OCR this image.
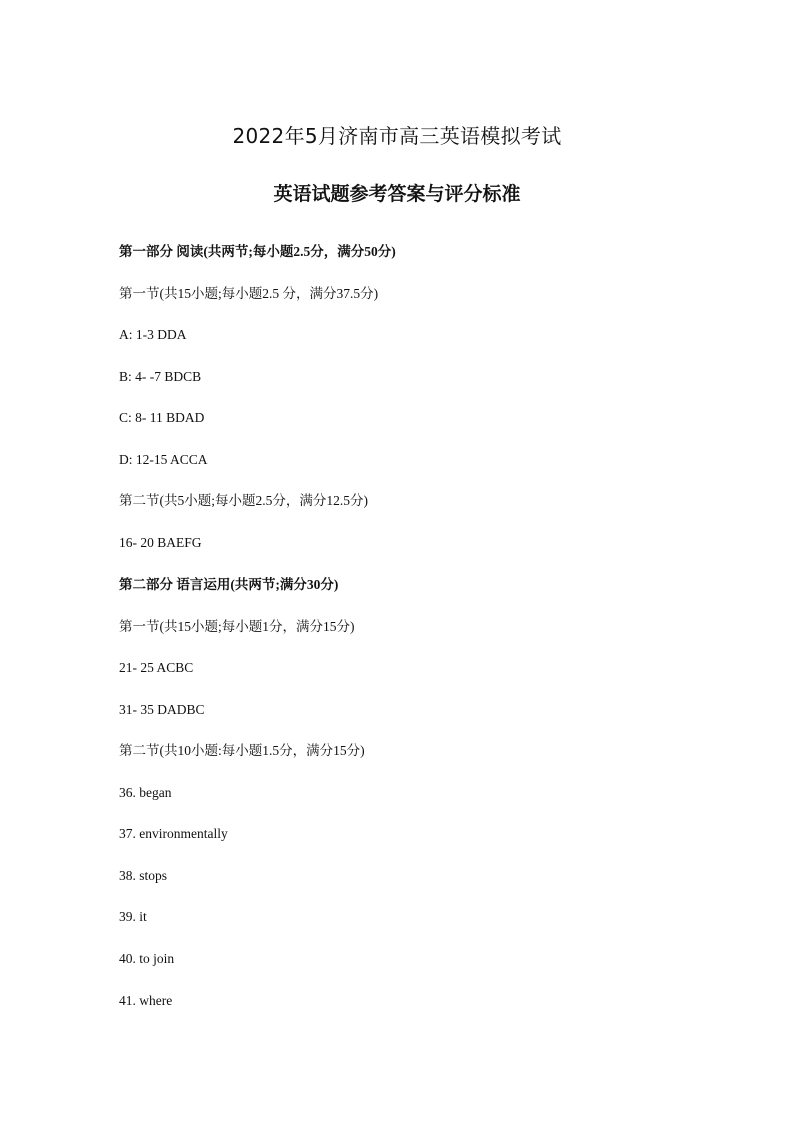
2022年5月济南市高三英语模拟考试
英语试题参考答案与评分标准
第一部分 阅读(共两节;每小题2.5分，满分50分)
第一节(共15小题;每小题2.5 分，满分37.5分)
A: 1-3 DDA
B: 4- -7 BDCB
C: 8- 11 BDAD
D: 12-15 ACCA
第二节(共5小题;每小题2.5分，满分12.5分)
16- 20 BAEFG
第二部分 语言运用(共两节;满分30分)
第一节(共15小题;每小题1分，满分15分)
21- 25 ACBC
31- 35 DADBC
第二节(共10小题:每小题1.5分，满分15分)
36. began
37. environmentally
38. stops
39. it
40. to join
41. where
